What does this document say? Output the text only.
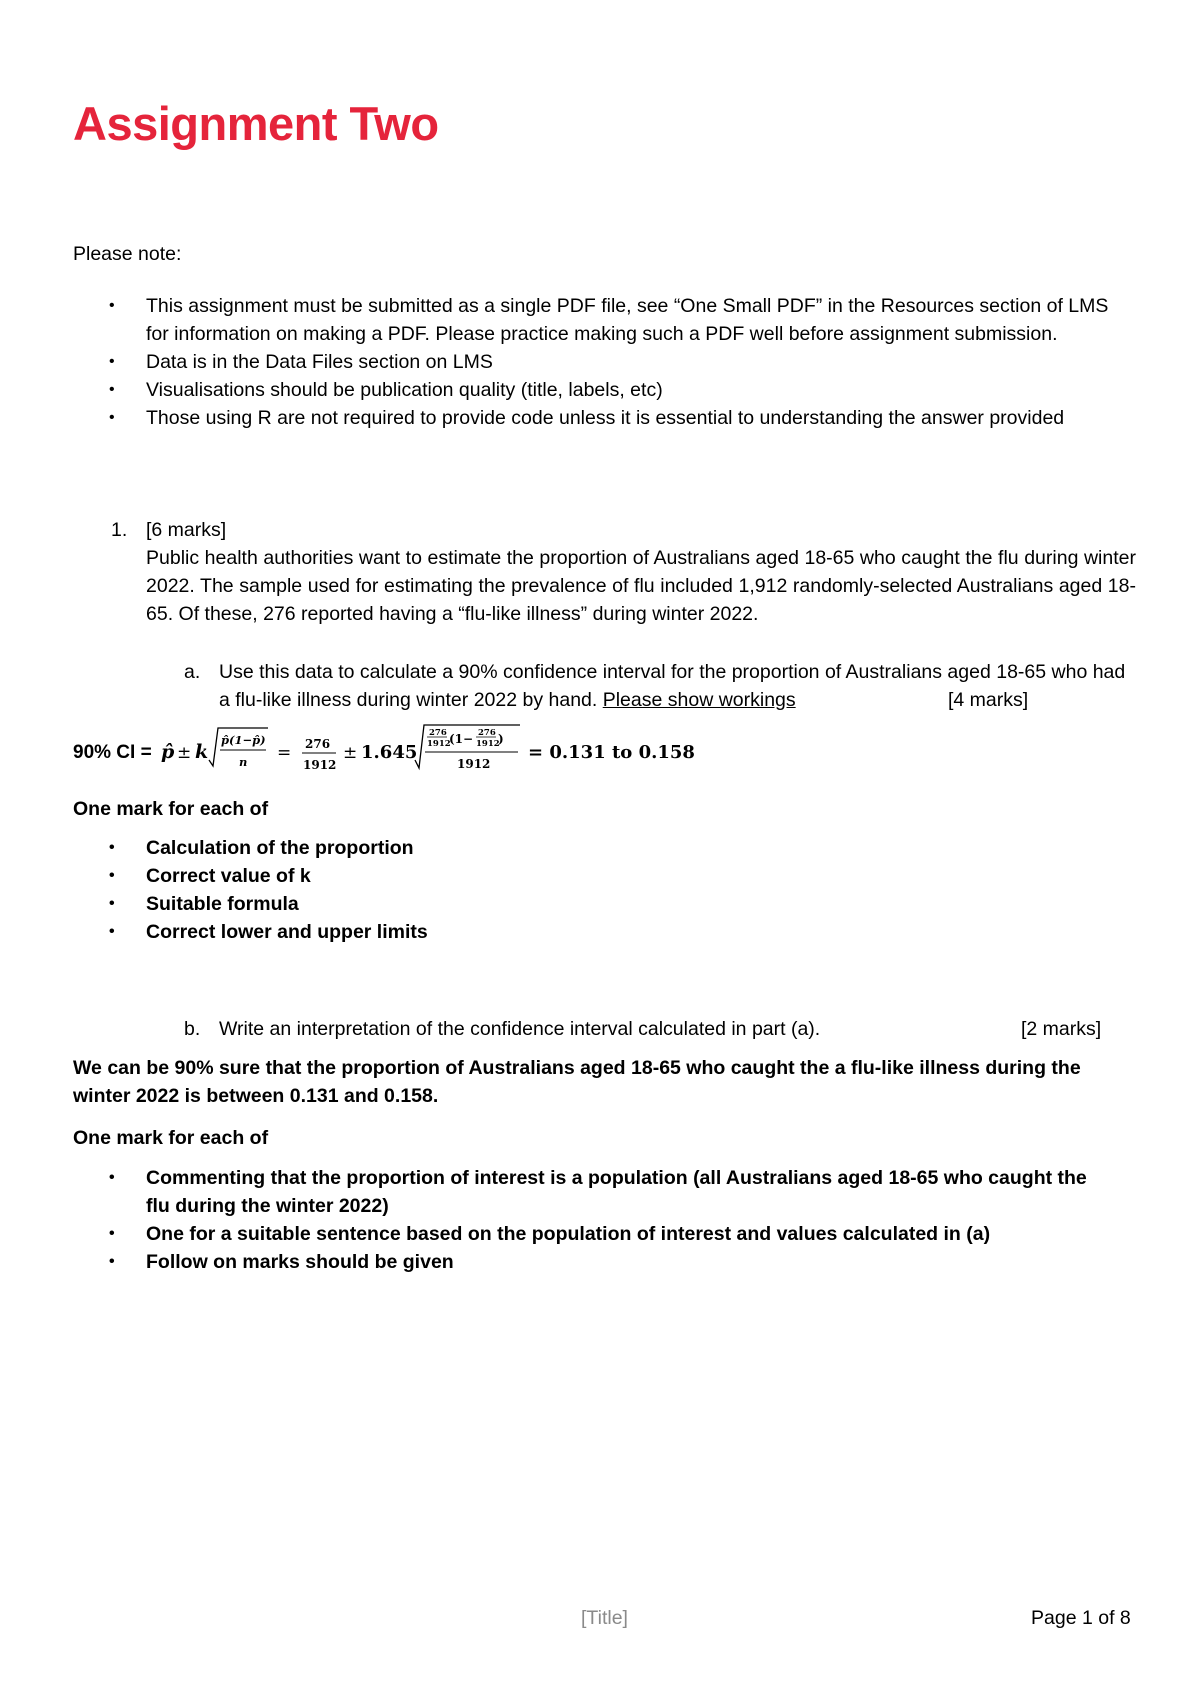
Assignment Two
Please note:
• This assignment must be submitted as a single PDF file, see “One Small PDF” in the Resources section of LMS
for information on making a PDF. Please practice making such a PDF well before assignment submission.
• Data is in the Data Files section on LMS
• Visualisations should be publication quality (title, labels, etc)
• Those using R are not required to provide code unless it is essential to understanding the answer provided
1. [6 marks]
Public health authorities want to estimate the proportion of Australians aged 18-65 who caught the flu during winter 2022. The sample used for estimating the prevalence of flu included 1,912 randomly-selected Australians aged 18-65. Of these, 276 reported having a “flu-like illness” during winter 2022.
a. Use this data to calculate a 90% confidence interval for the proportion of Australians aged 18-65 who had a flu-like illness during winter 2022 by hand. Please show workings	[4 marks]
90% CI = p̂ ± k
p̂(1−p̂)
n = 276
1912
± 1.645
276
1912
(1− 276
1912
)
1912
= 0.131 to 0.158
One mark for each of
• Calculation of the proportion
• Correct value of k
• Suitable formula
• Correct lower and upper limits
b. Write an interpretation of the confidence interval calculated in part (a).	[2 marks]
We can be 90% sure that the proportion of Australians aged 18-65 who caught the a flu-like illness during the
winter 2022 is between 0.131 and 0.158.
One mark for each of
• Commenting that the proportion of interest is a population (all Australians aged 18-65 who caught the
flu during the winter 2022)
• One for a suitable sentence based on the population of interest and values calculated in (a)
• Follow on marks should be given
[Title]	Page 1 of 8
